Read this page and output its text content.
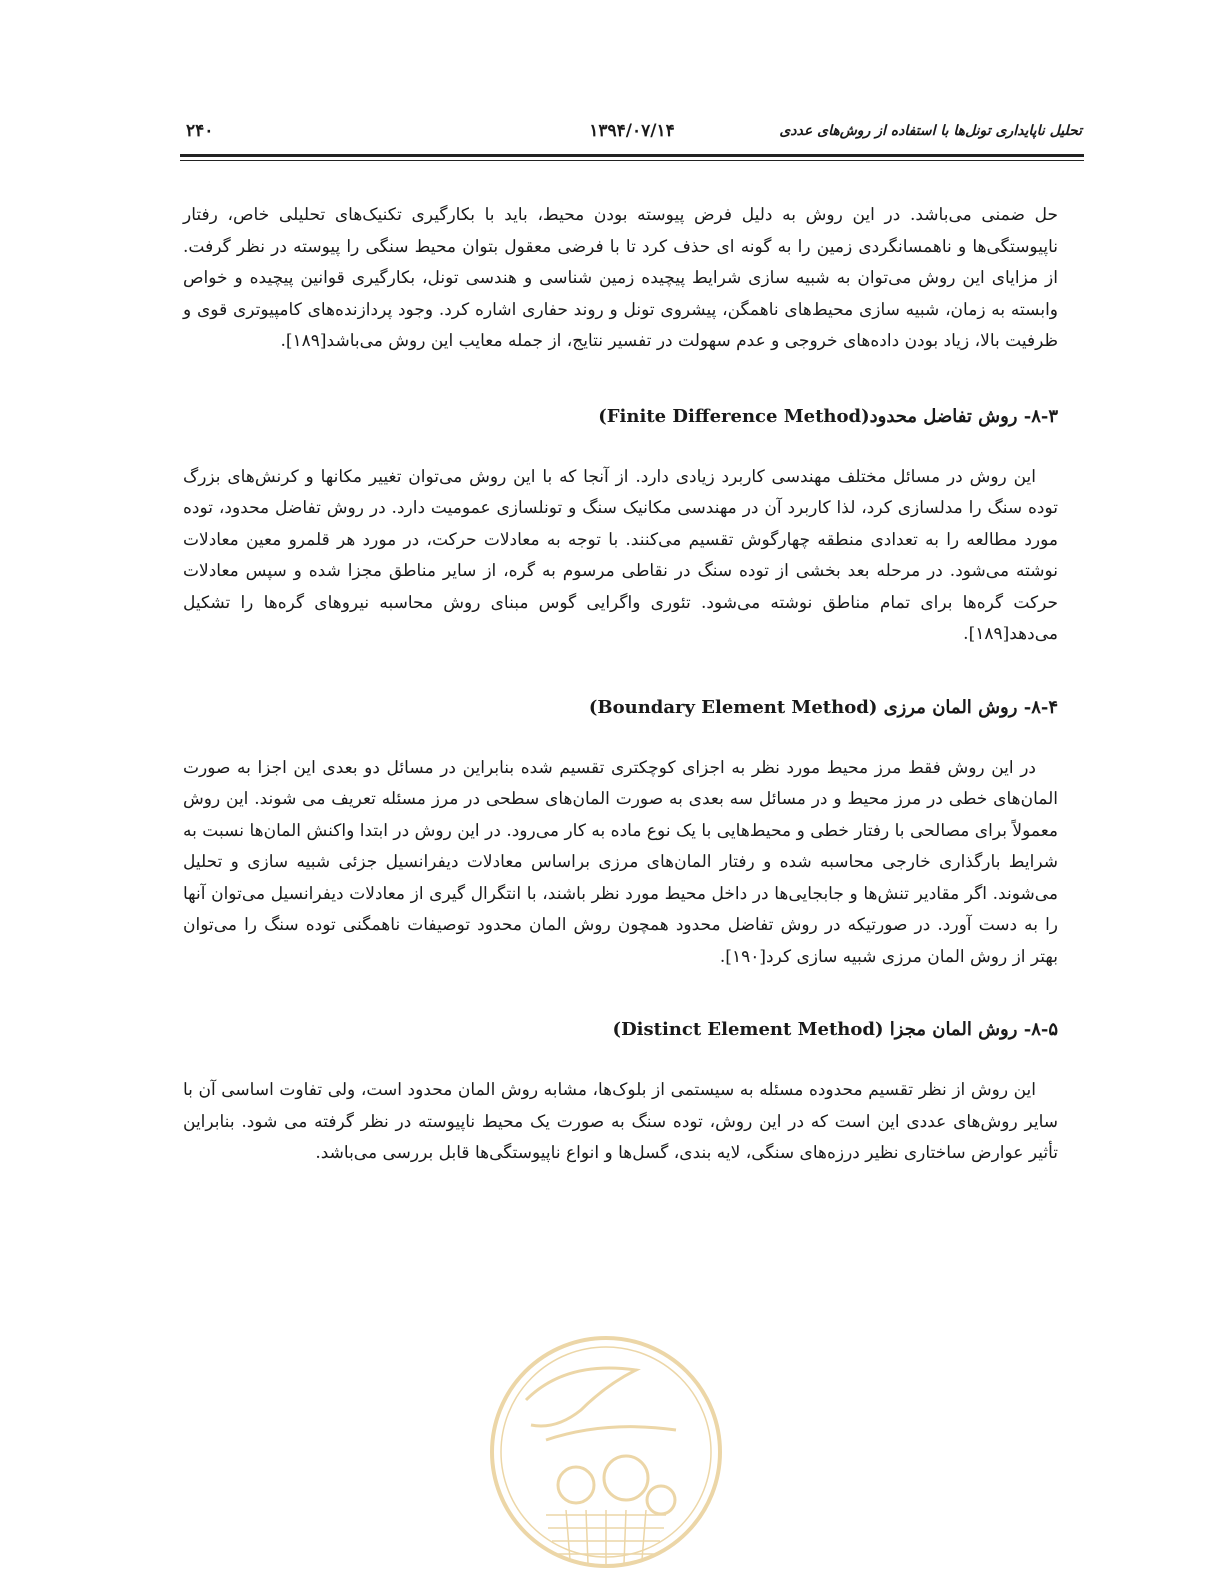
۲۴۰	۱۳۹۴/۰۷/۱۴	تحلیل ناپایداری تونل‌ها با استفاده از روش‌های عددی

حل ضمنی می‌باشد. در این روش به دلیل فرض پیوسته بودن محیط، باید با بکارگیری تکنیک‌های تحلیلی خاص، رفتار ناپیوستگی‌ها و ناهمسانگردی زمین را به گونه ای حذف کرد تا با فرضی معقول بتوان محیط سنگی را پیوسته در نظر گرفت. از مزایای این روش می‌توان به شبیه سازی شرایط پیچیده زمین شناسی و هندسی تونل، بکارگیری قوانین پیچیده و خواص وابسته به زمان، شبیه سازی محیط‌های ناهمگن، پیشروی تونل و روند حفاری اشاره کرد. وجود پردازنده‌های کامپیوتری قوی و ظرفیت بالا، زیاد بودن داده‌های خروجی و عدم سهولت در تفسیر نتایج، از جمله معایب این روش می‌باشد[۱۸۹].

۸-۳- روش تفاضل محدود(Finite Difference Method)

این روش در مسائل مختلف مهندسی کاربرد زیادی دارد. از آنجا که با این روش می‌توان تغییر مکانها و کرنش‌های بزرگ توده سنگ را مدلسازی کرد، لذا کاربرد آن در مهندسی مکانیک سنگ و تونلسازی عمومیت دارد. در روش تفاضل محدود، توده مورد مطالعه را به تعدادی منطقه چهارگوش تقسیم می‌کنند. با توجه به معادلات حرکت، در مورد هر قلمرو معین معادلات نوشته می‌شود. در مرحله بعد بخشی از توده سنگ در نقاطی مرسوم به گره، از سایر مناطق مجزا شده و سپس معادلات حرکت گره‌ها برای تمام مناطق نوشته می‌شود. تئوری واگرایی گوس مبنای روش محاسبه نیروهای گره‌ها را تشکیل می‌دهد[۱۸۹].

۸-۴- روش المان مرزی (Boundary Element Method)

در این روش فقط مرز محیط مورد نظر به اجزای کوچکتری تقسیم شده بنابراین در مسائل دو بعدی این اجزا به صورت المان‌های خطی در مرز محیط و در مسائل سه بعدی به صورت المان‌های سطحی در مرز مسئله تعریف می شوند. این روش معمولاً برای مصالحی با رفتار خطی و محیط‌هایی با یک نوع ماده به کار می‌رود. در این روش در ابتدا واکنش المان‌ها نسبت به شرایط بارگذاری خارجی محاسبه شده و رفتار المان‌های مرزی براساس معادلات دیفرانسیل جزئی شبیه سازی و تحلیل می‌شوند. اگر مقادیر تنش‌ها و جابجایی‌ها در داخل محیط مورد نظر باشند، با انتگرال گیری از معادلات دیفرانسیل می‌توان آنها را به دست آورد. در صورتیکه در روش تفاضل محدود همچون روش المان محدود توصیفات ناهمگنی توده سنگ را می‌توان بهتر از روش المان مرزی شبیه سازی کرد[۱۹۰].

۸-۵- روش المان مجزا (Distinct Element Method)

این روش از نظر تقسیم محدوده مسئله به سیستمی از بلوک‌ها، مشابه روش المان محدود است، ولی تفاوت اساسی آن با سایر روش‌های عددی این است که در این روش، توده سنگ به صورت یک محیط ناپیوسته در نظر گرفته می شود. بنابراین تأثیر عوارض ساختاری نظیر درزه‌های سنگی، لایه بندی، گسل‌ها و انواع ناپیوستگی‌ها قابل بررسی می‌باشد.
